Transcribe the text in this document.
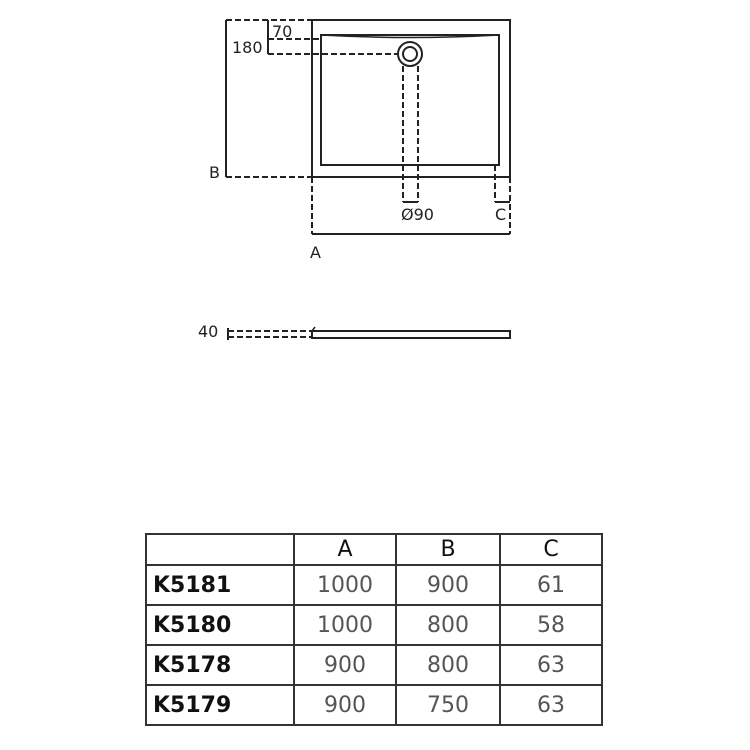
70
180
B
Ø90	C
A
40
	A	B	C
K5181	1000	900	61
K5180	1000	800	58
K5178	900	800	63
K5179	900	750	63
